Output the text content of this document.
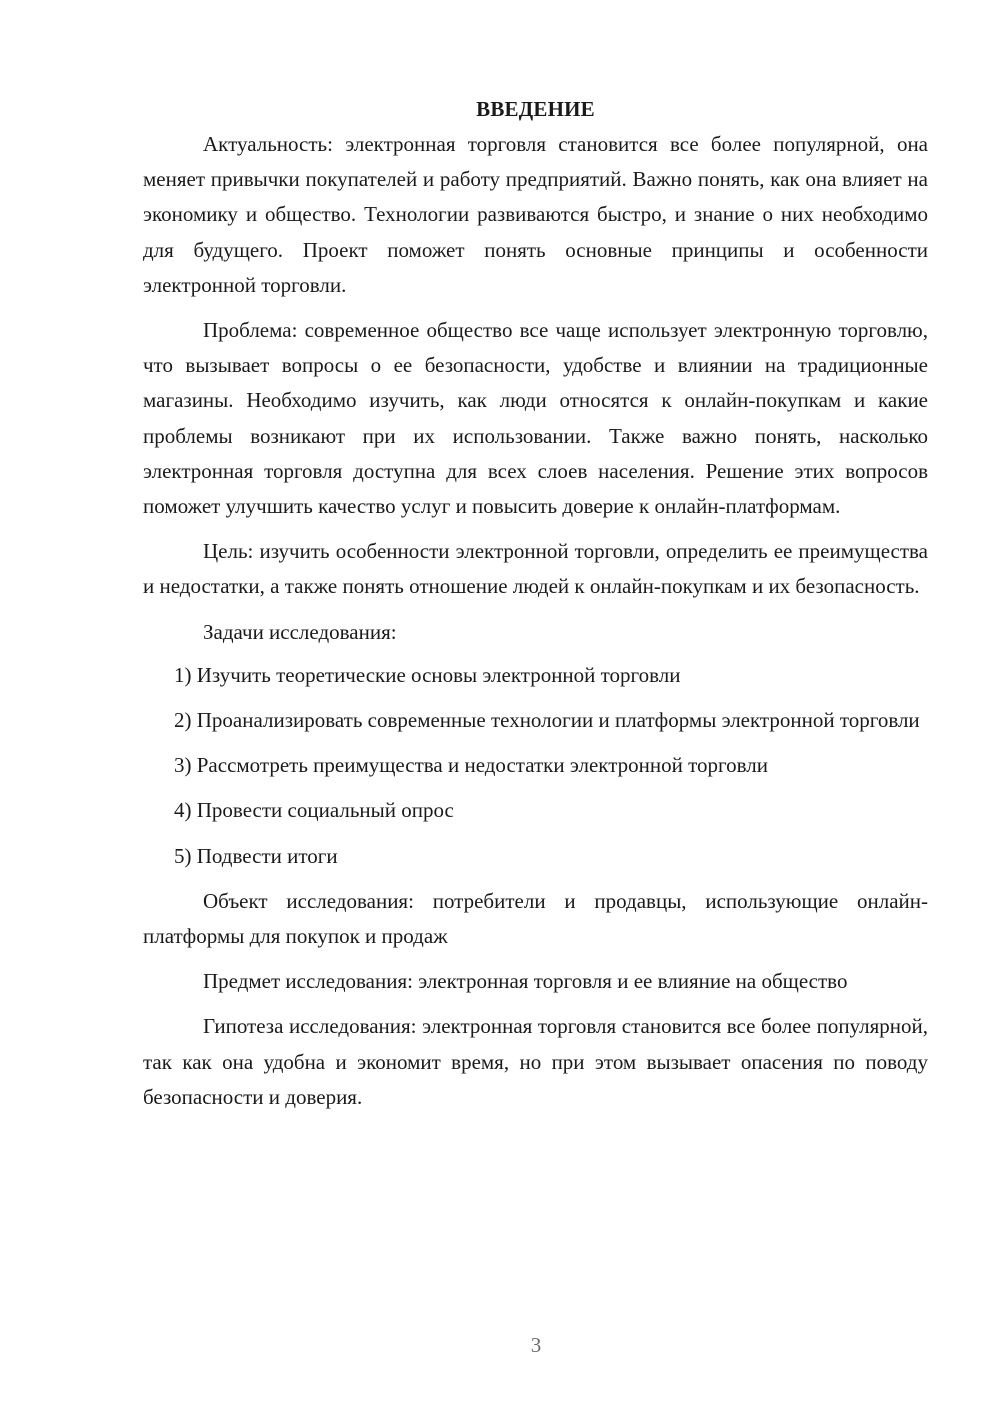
ВВЕДЕНИЕ

Актуальность: электронная торговля становится все более популярной, она меняет привычки покупателей и работу предприятий. Важно понять, как она влияет на экономику и общество. Технологии развиваются быстро, и знание о них необходимо для будущего. Проект поможет понять основные принципы и особенности электронной торговли.

Проблема: современное общество все чаще использует электронную торговлю, что вызывает вопросы о ее безопасности, удобстве и влиянии на традиционные магазины. Необходимо изучить, как люди относятся к онлайн-покупкам и какие проблемы возникают при их использовании. Также важно понять, насколько электронная торговля доступна для всех слоев населения. Решение этих вопросов поможет улучшить качество услуг и повысить доверие к онлайн-платформам.

Цель: изучить особенности электронной торговли, определить ее преимущества и недостатки, а также понять отношение людей к онлайн-покупкам и их безопасность.

Задачи исследования:

1) Изучить теоретические основы электронной торговли

2) Проанализировать современные технологии и платформы электронной торговли

3) Рассмотреть преимущества и недостатки электронной торговли

4) Провести социальный опрос

5) Подвести итоги

Объект исследования: потребители и продавцы, использующие онлайн-платформы для покупок и продаж

Предмет исследования: электронная торговля и ее влияние на общество

Гипотеза исследования: электронная торговля становится все более популярной, так как она удобна и экономит время, но при этом вызывает опасения по поводу безопасности и доверия.

3
